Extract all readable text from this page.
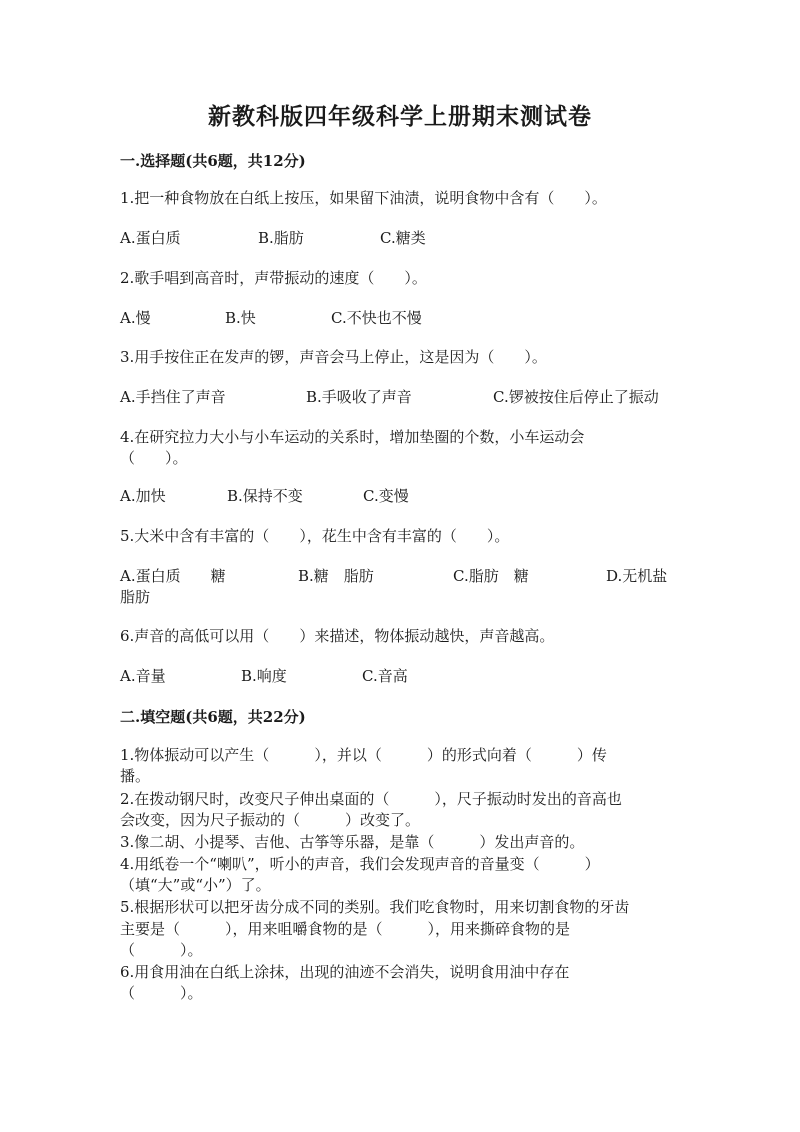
新教科版四年级科学上册期末测试卷
一.选择题(共6题，共12分)
1.把一种食物放在白纸上按压，如果留下油渍，说明食物中含有（　　）。
A.蛋白质	B.脂肪	C.糖类
2.歌手唱到高音时，声带振动的速度（　　）。
A.慢	B.快	C.不快也不慢
3.用手按住正在发声的锣，声音会马上停止，这是因为（　　）。
A.手挡住了声音	B.手吸收了声音	C.锣被按住后停止了振动
4.在研究拉力大小与小车运动的关系时，增加垫圈的个数，小车运动会
（　　）。
A.加快	B.保持不变	C.变慢
5.大米中含有丰富的（　　），花生中含有丰富的（　　）。
A.蛋白质　　糖	B.糖　脂肪	C.脂肪　糖	D.无机盐
脂肪
6.声音的高低可以用（　　）来描述，物体振动越快，声音越高。
A.音量	B.响度	C.音高
二.填空题(共6题，共22分)
1.物体振动可以产生（　　　），并以（　　　）的形式向着（　　　）传
播。
2.在拨动钢尺时，改变尺子伸出桌面的（　　　），尺子振动时发出的音高也
会改变，因为尺子振动的（　　　）改变了。
3.像二胡、小提琴、吉他、古筝等乐器，是靠（　　　）发出声音的。
4.用纸卷一个“喇叭”，听小的声音，我们会发现声音的音量变（　　　）
（填“大”或“小”）了。
5.根据形状可以把牙齿分成不同的类别。我们吃食物时，用来切割食物的牙齿
主要是（　　　），用来咀嚼食物的是（　　　），用来撕碎食物的是
（　　　）。
6.用食用油在白纸上涂抹，出现的油迹不会消失，说明食用油中存在
（　　　）。
